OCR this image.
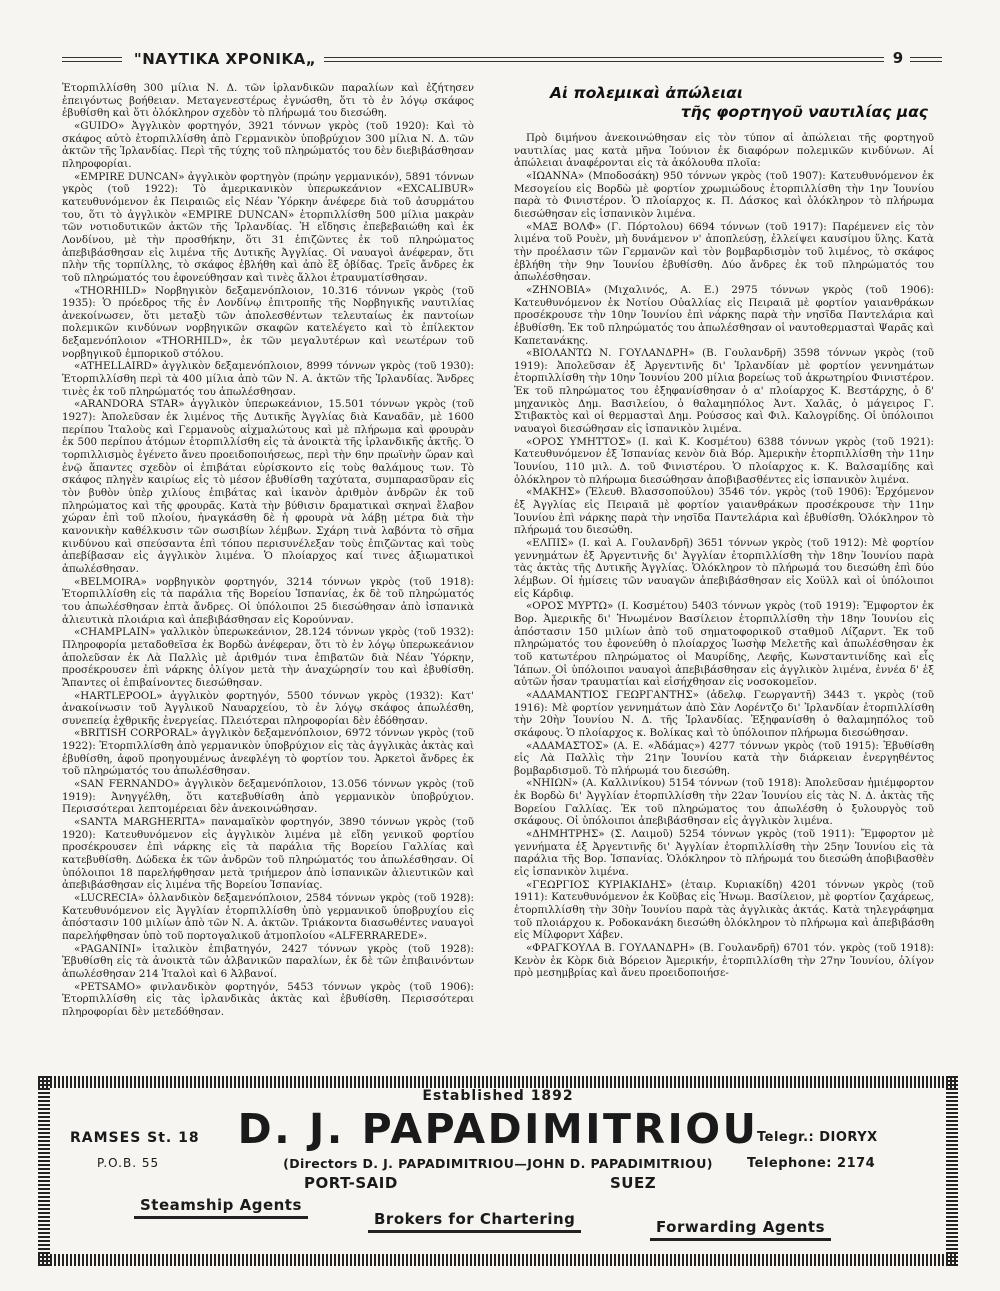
"ΝΑΥΤΙΚΑ ΧΡΟΝΙΚΑ„	9

Ἐτορπιλλίσθη 300 μίλια Ν. Δ. τῶν ἰρλανδικῶν παραλίων καὶ ἐζήτησεν ἐπειγόντως βοήθειαν. Μεταγενεστέρως ἐγνώσθη, ὅτι τὸ ἐν λόγῳ σκάφος ἐβυθίσθη καὶ ὅτι ὁλόκληρον σχεδὸν τὸ πλήρωμά του διεσώθη.

«GUIDO» Ἀγγλικὸν φορτηγόν, 3921 τόννων γκρὸς (τοῦ 1920): Καὶ τὸ σκάφος αὐτὸ ἐτορπιλλίσθη ἀπὸ Γερμανικὸν ὑποβρύχιον 300 μίλια Ν. Δ. τῶν ἀκτῶν τῆς Ἰρλανδίας. Περὶ τῆς τύχης τοῦ πληρώματός του δὲν διεβιβάσθησαν πληροφορίαι.

«EMPIRE DUNCAN» ἀγγλικὸν φορτηγὸν (πρώην γερμανικόν), 5891 τόννων γκρὸς (τοῦ 1922): Τὸ ἀμερικανικὸν ὑπερωκεάνιον «EXCALIBUR» κατευθυνόμενον ἐκ Πειραιῶς εἰς Νέαν Ὑόρκην ἀνέφερε διὰ τοῦ ἀσυρμάτου του, ὅτι τὸ ἀγγλικὸν «EMPIRE DUNCAN» ἐτορπιλλίσθη 500 μίλια μακρὰν τῶν νοτιοδυτικῶν ἀκτῶν τῆς Ἰρλανδίας. Ἡ εἴδησις ἐπεβεβαιώθη καὶ ἐκ Λονδίνου, μὲ τὴν προσθήκην, ὅτι 31 ἐπιζῶντες ἐκ τοῦ πληρώματος ἀπεβιβάσθησαν εἰς λιμένα τῆς Δυτικῆς Ἀγγλίας. Οἱ ναυαγοὶ ἀνέφεραν, ὅτι πλὴν τῆς τορπίλλης, τὸ σκάφος ἐβλήθη καὶ ἀπὸ ἓξ ὀβίδας. Τρεῖς ἄνδρες ἐκ τοῦ πληρώματός του ἐφονεύθησαν καὶ τινὲς ἄλλοι ἐτραυματίσθησαν.

«THORHILD» Νορβηγικὸν δεξαμενόπλοιον, 10.316 τόννων γκρὸς (τοῦ 1935): Ὁ πρόεδρος τῆς ἐν Λονδίνῳ ἐπιτροπῆς τῆς Νορβηγικῆς ναυτιλίας ἀνεκοίνωσεν, ὅτι μεταξὺ τῶν ἀπολεσθέντων τελευταίως ἐκ παντοίων πολεμικῶν κινδύνων νορβηγικῶν σκαφῶν κατελέγετο καὶ τὸ ἐπίλεκτον δεξαμενόπλοιον «THORHILD», ἐκ τῶν μεγαλυτέρων καὶ νεωτέρων τοῦ νορβηγικοῦ ἐμπορικοῦ στόλου.

«ATHELLAIRD» ἀγγλικὸν δεξαμενόπλοιον, 8999 τόννων γκρὸς (τοῦ 1930): Ἐτορπιλλίσθη περὶ τὰ 400 μίλια ἀπὸ τῶν Ν. Α. ἀκτῶν τῆς Ἰρλανδίας. Ἄνδρες τινὲς ἐκ τοῦ πληρώματός του ἀπωλέσθησαν.

«ARANDORA STAR» ἀγγλικὸν ὑπερωκεάνιον, 15.501 τόννων γκρὸς (τοῦ 1927): Ἀπολεῦσαν ἐκ λιμένος τῆς Δυτικῆς Ἀγγλίας διὰ Καναδᾶν, μὲ 1600 περίπου Ἰταλοὺς καὶ Γερμανοὺς αἰχμαλώτους καὶ μὲ πλήρωμα καὶ φρουρὰν ἐκ 500 περίπου ἀτόμων ἐτορπιλλίσθη εἰς τὰ ἀνοικτὰ τῆς ἰρλανδικῆς ἀκτῆς. Ὁ τορπιλλισμὸς ἐγένετο ἄνευ προειδοποιήσεως, περὶ τὴν 6ην πρωϊνὴν ὥραν καὶ ἐνῷ ἅπαντες σχεδὸν οἱ ἐπιβάται εὑρίσκοντο εἰς τοὺς θαλάμους των. Τὸ σκάφος πληγὲν καιρίως εἰς τὸ μέσον ἐβυθίσθη ταχύτατα, συμπαρασῦραν εἰς τὸν βυθὸν ὑπὲρ χιλίους ἐπιβάτας καὶ ἱκανὸν ἀριθμὸν ἀνδρῶν ἐκ τοῦ πληρώματος καὶ τῆς φρουρᾶς. Κατὰ τὴν βύθισιν δραματικαὶ σκηναὶ ἔλαβον χώραν ἐπὶ τοῦ πλοίου, ἠναγκάσθη δὲ ἡ φρουρὰ νὰ λάβῃ μέτρα διὰ τὴν κανονικὴν καθέλκυσιν τῶν σωσιβίων λέμβων. Σχάρη τινὰ λαβόντα τὸ σῆμα κινδύνου καὶ σπεύσαντα ἐπὶ τόπου περισυνέλεξαν τοὺς ἐπιζῶντας καὶ τοὺς ἀπεβίβασαν εἰς ἀγγλικὸν λιμένα. Ὁ πλοίαρχος καί τινες ἀξιωματικοὶ ἀπωλέσθησαν.

«BELMOIRA» νορβηγικὸν φορτηγόν, 3214 τόννων γκρὸς (τοῦ 1918): Ἐτορπιλλίσθη εἰς τὰ παράλια τῆς Βορείου Ἰσπανίας, ἐκ δὲ τοῦ πληρώματός του ἀπωλέσθησαν ἑπτὰ ἄνδρες. Οἱ ὑπόλοιποι 25 διεσώθησαν ἀπὸ ἰσπανικὰ ἁλιευτικὰ πλοιάρια καὶ ἀπεβιβάσθησαν εἰς Κορούνναν.

«CHAMPLAIN» γαλλικὸν ὑπερωκεάνιον, 28.124 τόννων γκρὸς (τοῦ 1932): Πληροφορία μεταδοθεῖσα ἐκ Βορδὼ ἀνέφεραν, ὅτι τὸ ἐν λόγῳ ὑπερωκεάνιον ἀπολεῦσαν ἐκ Λὰ Παλλὶς μὲ ἀριθμόν τινα ἐπιβατῶν διὰ Νέαν Ὑόρκην, προσέκρουσεν ἐπὶ νάρκης ὀλίγον μετὰ τὴν ἀναχώρησίν του καὶ ἐβυθίσθη. Ἅπαντες οἱ ἐπιβαίνοντες διεσώθησαν.

«HARTLEPOOL» ἀγγλικὸν φορτηγόν, 5500 τόννων γκρὸς (1932): Κατ' ἀνακοίνωσιν τοῦ Ἀγγλικοῦ Ναυαρχείου, τὸ ἐν λόγῳ σκάφος ἀπωλέσθη, συνεπείᾳ ἐχθρικῆς ἐνεργείας. Πλειότεραι πληροφορίαι δὲν ἐδόθησαν.

«BRITISH CORPORAL» ἀγγλικὸν δεξαμενόπλοιον, 6972 τόννων γκρὸς (τοῦ 1922): Ἐτορπιλλίσθη ἀπὸ γερμανικὸν ὑποβρύχιον εἰς τὰς ἀγγλικὰς ἀκτὰς καὶ ἐβυθίσθη, ἀφοῦ προηγουμένως ἀνεφλέγη τὸ φορτίον του. Ἀρκετοὶ ἄνδρες ἐκ τοῦ πληρώματός του ἀπωλέσθησαν.

«SAN FERNANDO» ἀγγλικὸν δεξαμενόπλοιον, 13.056 τόννων γκρὸς (τοῦ 1919): Ἀνηγγέλθη, ὅτι κατεβυθίσθη ἀπὸ γερμανικὸν ὑποβρύχιον. Περισσότεραι λεπτομέρειαι δὲν ἀνεκοινώθησαν.

«SANTA MARGHERITA» παναμαϊκὸν φορτηγόν, 3890 τόννων γκρὸς (τοῦ 1920): Κατευθυνόμενον εἰς ἀγγλικὸν λιμένα μὲ εἴδη γενικοῦ φορτίου προσέκρουσεν ἐπὶ νάρκης εἰς τὰ παράλια τῆς Βορείου Γαλλίας καὶ κατεβυθίσθη. Δώδεκα ἐκ τῶν ἀνδρῶν τοῦ πληρώματός του ἀπωλέσθησαν. Οἱ ὑπόλοιποι 18 παρελήφθησαν μετὰ τριήμερον ἀπὸ ἰσπανικῶν ἁλιευτικῶν καὶ ἀπεβιβάσθησαν εἰς λιμένα τῆς Βορείου Ἰσπανίας.

«LUCRECIA» ὁλλανδικὸν δεξαμενόπλοιον, 2584 τόννων γκρὸς (τοῦ 1928): Κατευθυνόμενον εἰς Ἀγγλίαν ἐτορπιλλίσθη ὑπὸ γερμανικοῦ ὑποβρυχίου εἰς ἀπόστασιν 100 μιλίων ἀπὸ τῶν Ν. Α. ἀκτῶν. Τριάκοντα διασωθέντες ναυαγοὶ παρελήφθησαν ὑπὸ τοῦ πορτογαλικοῦ ἀτμοπλοίου «ALFERRAREDE».

«PAGANINI» ἰταλικὸν ἐπιβατηγόν, 2427 τόννων γκρὸς (τοῦ 1928): Ἐβυθίσθη εἰς τὰ ἀνοικτὰ τῶν ἀλβανικῶν παραλίων, ἐκ δὲ τῶν ἐπιβαινόντων ἀπωλέσθησαν 214 Ἰταλοὶ καὶ 6 Ἀλβανοί.

«PETSAMO» φινλανδικὸν φορτηγόν, 5453 τόννων γκρὸς (τοῦ 1906): Ἐτορπιλλίσθη εἰς τὰς ἰρλανδικὰς ἀκτὰς καὶ ἐβυθίσθη. Περισσότεραι πληροφορίαι δὲν μετεδόθησαν.

Αἱ πολεμικαὶ ἀπώλειαι
τῆς φορτηγοῦ ναυτιλίας μας

Πρὸ διμήνου ἀνεκοινώθησαν εἰς τὸν τύπον αἱ ἀπώλειαι τῆς φορτηγοῦ ναυτιλίας μας κατὰ μῆνα Ἰούνιον ἐκ διαφόρων πολεμικῶν κινδύνων. Αἱ ἀπώλειαι ἀναφέρονται εἰς τὰ ἀκόλουθα πλοῖα:

«ΙΩΑΝΝΑ» (Μποδοσάκη) 950 τόννων γκρὸς (τοῦ 1907): Κατευθυνόμενον ἐκ Μεσογείου εἰς Βορδὼ μὲ φορτίον χρωμιώδους ἐτορπιλλίσθη τὴν 1ην Ἰουνίου παρὰ τὸ Φινιστέρον. Ὁ πλοίαρχος κ. Π. Δάσκος καὶ ὁλόκληρον τὸ πλήρωμα διεσώθησαν εἰς ἰσπανικὸν λιμένα.

«ΜΑΞ ΒΟΛΦ» (Γ. Πόρτολου) 6694 τόννων (τοῦ 1917): Παρέμενεν εἰς τὸν λιμένα τοῦ Ρουὲν, μὴ δυνάμενον ν' ἀποπλεύσῃ, ἐλλείψει καυσίμου ὕλης. Κατὰ τὴν προέλασιν τῶν Γερμανῶν καὶ τὸν βομβαρδισμὸν τοῦ λιμένος, τὸ σκάφος ἐβλήθη τὴν 9ην Ἰουνίου ἐβυθίσθη. Δύο ἄνδρες ἐκ τοῦ πληρώματός του ἀπωλέσθησαν.

«ΖΗΝΟΒΙΑ» (Μιχαλινός, Α. Ε.) 2975 τόννων γκρὸς (τοῦ 1906): Κατευθυνόμενον ἐκ Νοτίου Οὐαλλίας εἰς Πειραιᾶ μὲ φορτίον γαιανθράκων προσέκρουσε τὴν 10ην Ἰουνίου ἐπὶ νάρκης παρὰ τὴν νησῖδα Παντελάρια καὶ ἐβυθίσθη. Ἐκ τοῦ πληρώματός του ἀπωλέσθησαν οἱ ναυτοθερμασταὶ Ψαρᾶς καὶ Καπετανάκης.

«ΒΙΟΛΑΝΤΩ Ν. ΓΟΥΛΑΝΔΡΗ» (Β. Γουλανδρῆ) 3598 τόννων γκρὸς (τοῦ 1919): Ἀπολεῦσαν ἐξ Ἀργεντινῆς δι' Ἰρλανδίαν μὲ φορτίον γεννημάτων ἐτορπιλλίσθη τὴν 10ην Ἰουνίου 200 μίλια βορείως τοῦ ἀκρωτηρίου Φινιστέρον. Ἐκ τοῦ πληρώματος του ἐξηφανίσθησαν ὁ α' πλοίαρχος Κ. Βεστάρχης, ὁ δ' μηχανικὸς Δημ. Βασιλείου, ὁ θαλαμηπόλος Ἀντ. Χαλᾶς, ὁ μάγειρος Γ. Στιβακτὸς καὶ οἱ θερμασταὶ Δημ. Ρούσσος καὶ Φιλ. Καλογρίδης. Οἱ ὑπόλοιποι ναυαγοὶ διεσώθησαν εἰς ἰσπανικὸν λιμένα.

«ΟΡΟΣ ΥΜΗΤΤΟΣ» (Ι. καὶ Κ. Κοσμέτου) 6388 τόννων γκρὸς (τοῦ 1921): Κατευθυνόμενον ἐξ Ἰσπανίας κενὸν διὰ Βόρ. Ἀμερικὴν ἐτορπιλλίσθη τὴν 11ην Ἰουνίου, 110 μιλ. Δ. τοῦ Φινιστέρου. Ὁ πλοίαρχος κ. Κ. Βαλσαμίδης καὶ ὁλόκληρον τὸ πλήρωμα διεσώθησαν ἀποβιβασθέντες εἰς ἰσπανικὸν λιμένα.

«ΜΑΚΗΣ» (Ἐλευθ. Βλασσοπούλου) 3546 τόν. γκρὸς (τοῦ 1906): Ἐρχόμενον ἐξ Ἀγγλίας εἰς Πειραιᾶ μὲ φορτίον γαιανθράκων προσέκρουσε τὴν 11ην Ἰουνίου ἐπὶ νάρκης παρὰ τὴν νησῖδα Παντελάρια καὶ ἐβυθίσθη. Ὁλόκληρον τὸ πλήρωμά του διεσώθη.

«ΕΛΠΙΣ» (Ι. καὶ Α. Γουλανδρῆ) 3651 τόννων γκρὸς (τοῦ 1912): Μὲ φορτίον γεννημάτων ἐξ Ἀργεντινῆς δι' Ἀγγλίαν ἐτορπιλλίσθη τὴν 18ην Ἰουνίου παρὰ τὰς ἀκτὰς τῆς Δυτικῆς Ἀγγλίας. Ὁλόκληρον τὸ πλήρωμά του διεσώθη ἐπὶ δύο λέμβων. Οἱ ἡμίσεις τῶν ναυαγῶν ἀπεβιβάσθησαν εἰς Χοϋλλ καὶ οἱ ὑπόλοιποι εἰς Κάρδιφ.

«ΟΡΟΣ ΜΥΡΤΩ» (Ι. Κοσμέτου) 5403 τόννων γκρὸς (τοῦ 1919): Ἔμφορτον ἐκ Βορ. Ἀμερικῆς δι' Ἡνωμένον Βασίλειον ἐτορπιλλίσθη τὴν 18ην Ἰουνίου εἰς ἀπόστασιν 150 μιλίων ἀπὸ τοῦ σηματοφορικοῦ σταθμοῦ Λίζαρντ. Ἐκ τοῦ πληρώματός του ἐφονεύθη ὁ πλοίαρχος Ἰωσὴφ Μελετῆς καὶ ἀπωλέσθησαν ἐκ τοῦ κατωτέρου πληρώματος οἱ Μαυρίδης, Λεφῆς, Κωνσταντινίδης καὶ εἷς Ἰάπων. Οἱ ὑπόλοιποι ναυαγοὶ ἀπεβιβάσθησαν εἰς ἀγγλικὸν λιμένα, ἐννέα δ' ἐξ αὐτῶν ἦσαν τραυματίαι καὶ εἰσήχθησαν εἰς νοσοκομεῖον.

«ΑΔΑΜΑΝΤΙΟΣ ΓΕΩΡΓΑΝΤΗΣ» (ἀδελφ. Γεωργαντῆ) 3443 τ. γκρὸς (τοῦ 1916): Μὲ φορτίον γεννημάτων ἀπὸ Σὰν Λορέντζο δι' Ἰρλανδίαν ἐτορπιλλίσθη τὴν 20ὴν Ἰουνίου Ν. Δ. τῆς Ἰρλανδίας. Ἐξηφανίσθη ὁ θαλαμηπόλος τοῦ σκάφους. Ὁ πλοίαρχος κ. Βολίκας καὶ τὸ ὑπόλοιπον πλήρωμα διεσώθησαν.

«ΑΔΑΜΑΣΤΟΣ» (Α. Ε. «Ἀδάμας») 4277 τόννων γκρὸς (τοῦ 1915): Ἐβυθίσθη εἰς Λὰ Παλλὶς τὴν 21ην Ἰουνίου κατὰ τὴν διάρκειαν ἐνεργηθέντος βομβαρδισμοῦ. Τὸ πλήρωμά του διεσώθη.

«ΝΗΙΩΝ» (Α. Καλλινίκου) 5154 τόννων (τοῦ 1918): Ἀπολεῦσαν ἡμιέμφορτον ἐκ Βορδὼ δι' Ἀγγλίαν ἐτορπιλλίσθη τὴν 22αν Ἰουνίου εἰς τὰς Ν. Δ. ἀκτὰς τῆς Βορείου Γαλλίας. Ἐκ τοῦ πληρώματος του ἀπωλέσθη ὁ ξυλουργὸς τοῦ σκάφους. Οἱ ὑπόλοιποι ἀπεβιβάσθησαν εἰς ἀγγλικὸν λιμένα.

«ΔΗΜΗΤΡΗΣ» (Σ. Λαιμοῦ) 5254 τόννων γκρὸς (τοῦ 1911): Ἔμφορτον μὲ γεννήματα ἐξ Ἀργεντινῆς δι' Ἀγγλίαν ἐτορπιλλίσθη τὴν 25ην Ἰουνίου εἰς τὰ παράλια τῆς Βορ. Ἰσπανίας. Ὁλόκληρον τὸ πλήρωμά του διεσώθη ἀποβιβασθὲν εἰς ἰσπανικὸν λιμένα.

«ΓΕΩΡΓΙΟΣ ΚΥΡΙΑΚΙΔΗΣ» (ἑταιρ. Κυριακίδη) 4201 τόννων γκρὸς (τοῦ 1911): Κατευθυνόμενον ἐκ Κοῦβας εἰς Ἡνωμ. Βασίλειον, μὲ φορτίον ζαχάρεως, ἐτορπιλλίσθη τὴν 30ὴν Ἰουνίου παρὰ τὰς ἀγγλικὰς ἀκτάς. Κατὰ τηλεγράφημα τοῦ πλοιάρχου κ. Ροδοκανάκη διεσώθη ὁλόκληρον τὸ πλήρωμα καὶ ἀπεβιβάσθη εἰς Μίλφορντ Χάβεν.

«ΦΡΑΓΚΟΥΛΑ Β. ΓΟΥΛΑΝΔΡΗ» (Β. Γουλανδρῆ) 6701 τόν. γκρὸς (τοῦ 1918): Κενὸν ἐκ Κὸρκ διὰ Βόρειον Ἀμερικήν, ἐτορπιλλίσθη τὴν 27ην Ἰουνίου, ὀλίγον πρὸ μεσημβρίας καὶ ἄνευ προειδοποιήσε-

Established 1892
D. J. PAPADIMITRIOU
(Directors D. J. PAPADIMITRIOU—JOHN D. PAPADIMITRIOU)
PORT-SAID	SUEZ
RAMSES St. 18
P.O.B. 55
Telegr.: DIORYX
Telephone: 2174
Steamship Agents
Brokers for Chartering	Forwarding Agents
